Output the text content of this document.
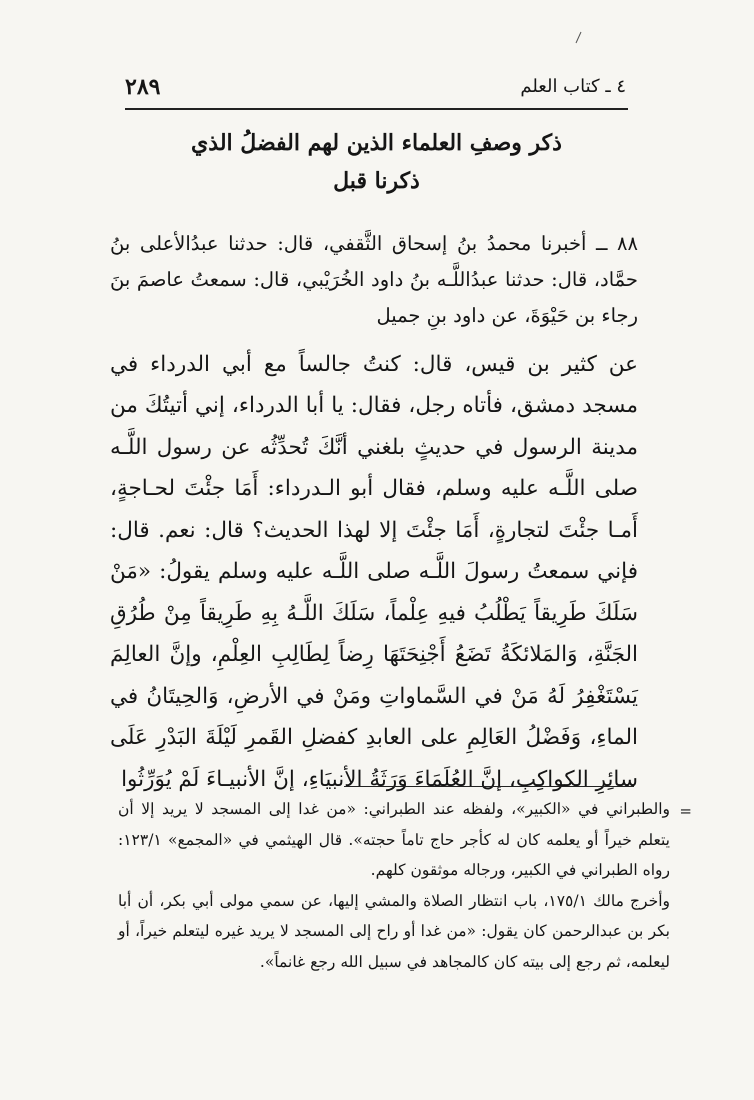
٢٨٩	٤ ـ كتاب العلم
ذكر وصفِ العلماء الذين لهم الفضلُ الذي
ذكرنا قبل

٨٨ ــ أخبرنا محمدُ بنُ إسحاق الثَّقفي، قال: حدثنا عبدُالأعلى بنُ حمَّاد، قال: حدثنا عبدُاللَّـه بنُ داود الخُرَيْبي، قال: سمعتُ عاصمَ بنَ رجاء بن حَيْوَةَ، عن داود بنِ جميل

عن كثير بن قيس، قال: كنتُ جالساً مع أبي الدرداء في مسجد دمشق، فأتاه رجل، فقال: يا أبا الدرداء، إني أتيتُكَ من مدينة الرسول في حديثٍ بلغني أنَّكَ تُحدِّثُه عن رسول اللَّـه صلى اللَّـه عليه وسلم، فقال أبو الـدرداء: أَمَا جئْتَ لحـاجةٍ، أَمـا جئْتَ لتجارةٍ، أَمَا جئْتَ إلا لهذا الحديث؟ قال: نعم. قال: فإني سمعتُ رسولَ اللَّـه صلى اللَّـه عليه وسلم يقولُ: «مَنْ سَلَكَ طَرِيقاً يَطْلُبُ فيهِ عِلْماً، سَلَكَ اللَّـهُ بِهِ طَرِيقاً مِنْ طُرُقِ الجَنَّةِ، وَالمَلائكَةُ تَضَعُ أَجْنِحَتَهَا رِضاً لِطَالِبِ العِلْمِ، وإنَّ العالِمَ يَسْتَغْفِرُ لَهُ مَنْ في السَّماواتِ ومَنْ في الأرضِ، وَالحِيتَانُ في الماءِ، وَفَضْلُ العَالِمِ على العابدِ كفضلِ القَمرِ لَيْلَةَ البَدْرِ عَلَى سائِرِ الكواكِبِ، إنَّ العُلَمَاءَ وَرَثَةُ الأنبيَاءِ، إنَّ الأنبيـاءَ لَمْ يُوَرِّثُوا

=
والطبراني في «الكبير»، ولفظه عند الطبراني: «من غدا إلى المسجد لا يريد إلا أن يتعلم خيراً أو يعلمه كان له كأجر حاج تاماً حجته». قال الهيثمي في «المجمع» ١٢٣/١: رواه الطبراني في الكبير، ورجاله موثقون كلهم.
وأخرج مالك ١٧٥/١، باب انتظار الصلاة والمشي إليها، عن سمي مولى أبي بكر، أن أبا بكر بن عبدالرحمن كان يقول: «من غدا أو راح إلى المسجد لا يريد غيره ليتعلم خيراً، أو ليعلمه، ثم رجع إلى بيته كان كالمجاهد في سبيل الله رجع غانماً».
